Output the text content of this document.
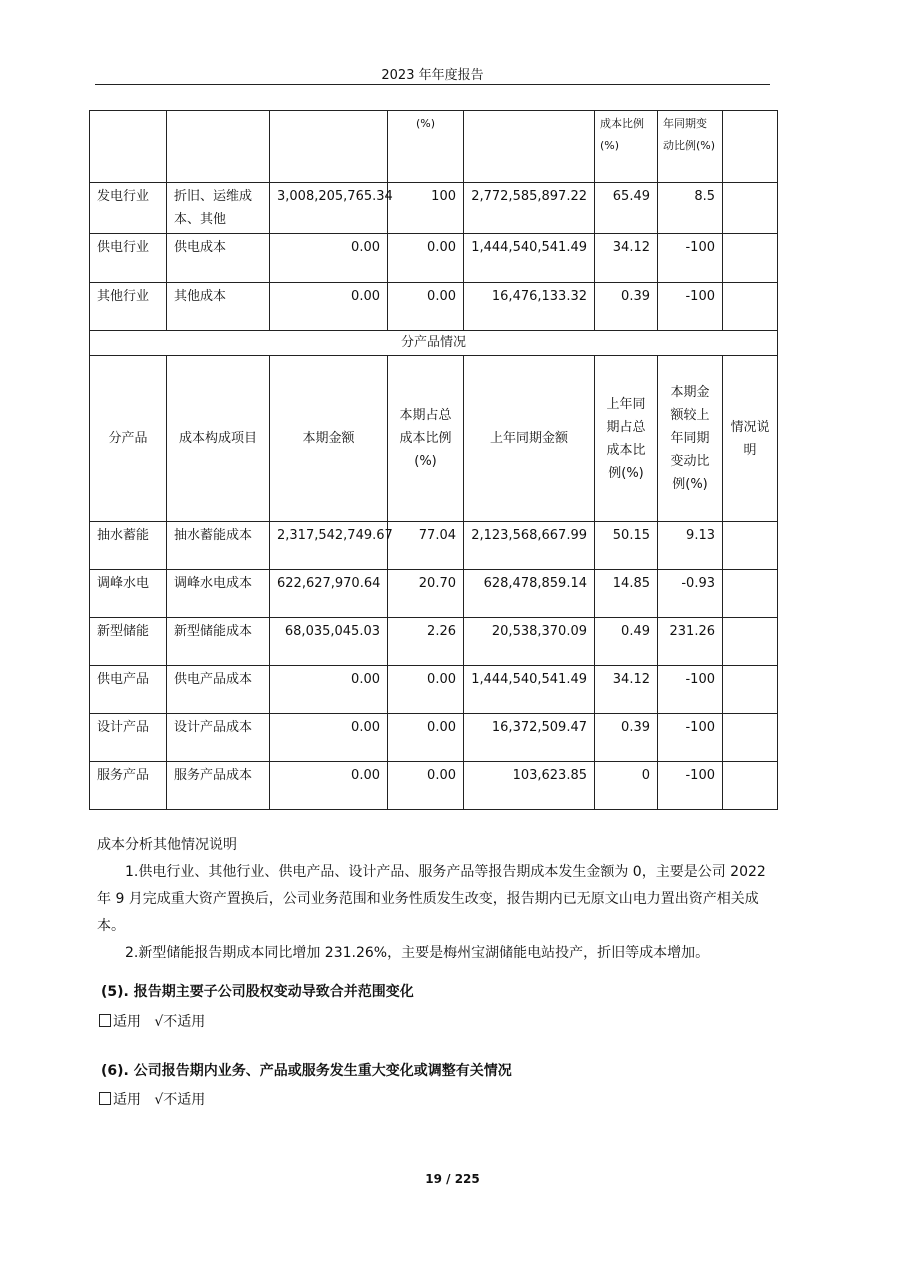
2023 年年度报告
			(%)		成本比例(%)	年同期变动比例(%)	
发电行业	折旧、运维成本、其他	3,008,205,765.34	100	2,772,585,897.22	65.49	8.5	
供电行业	供电成本	0.00	0.00	1,444,540,541.49	34.12	-100	
其他行业	其他成本	0.00	0.00	16,476,133.32	0.39	-100	
分产品情况							
分产品	成本构成项目	本期金额	本期占总成本比例(%)	上年同期金额	上年同期占总成本比例(%)	本期金额较上年同期变动比例(%)	情况说明
抽水蓄能	抽水蓄能成本	2,317,542,749.67	77.04	2,123,568,667.99	50.15	9.13	
调峰水电	调峰水电成本	622,627,970.64	20.70	628,478,859.14	14.85	-0.93	
新型储能	新型储能成本	68,035,045.03	2.26	20,538,370.09	0.49	231.26	
供电产品	供电产品成本	0.00	0.00	1,444,540,541.49	34.12	-100	
设计产品	设计产品成本	0.00	0.00	16,372,509.47	0.39	-100	
服务产品	服务产品成本	0.00	0.00	103,623.85	0	-100	

成本分析其他情况说明

1.供电行业、其他行业、供电产品、设计产品、服务产品等报告期成本发生金额为 0，主要是公司 2022 年 9 月完成重大资产置换后，公司业务范围和业务性质发生改变，报告期内已无原文山电力置出资产相关成本。

2.新型储能报告期成本同比增加 231.26%，主要是梅州宝湖储能电站投产，折旧等成本增加。

(5). 报告期主要子公司股权变动导致合并范围变化
适用 √不适用
(6). 公司报告期内业务、产品或服务发生重大变化或调整有关情况
适用 √不适用
19 / 225
